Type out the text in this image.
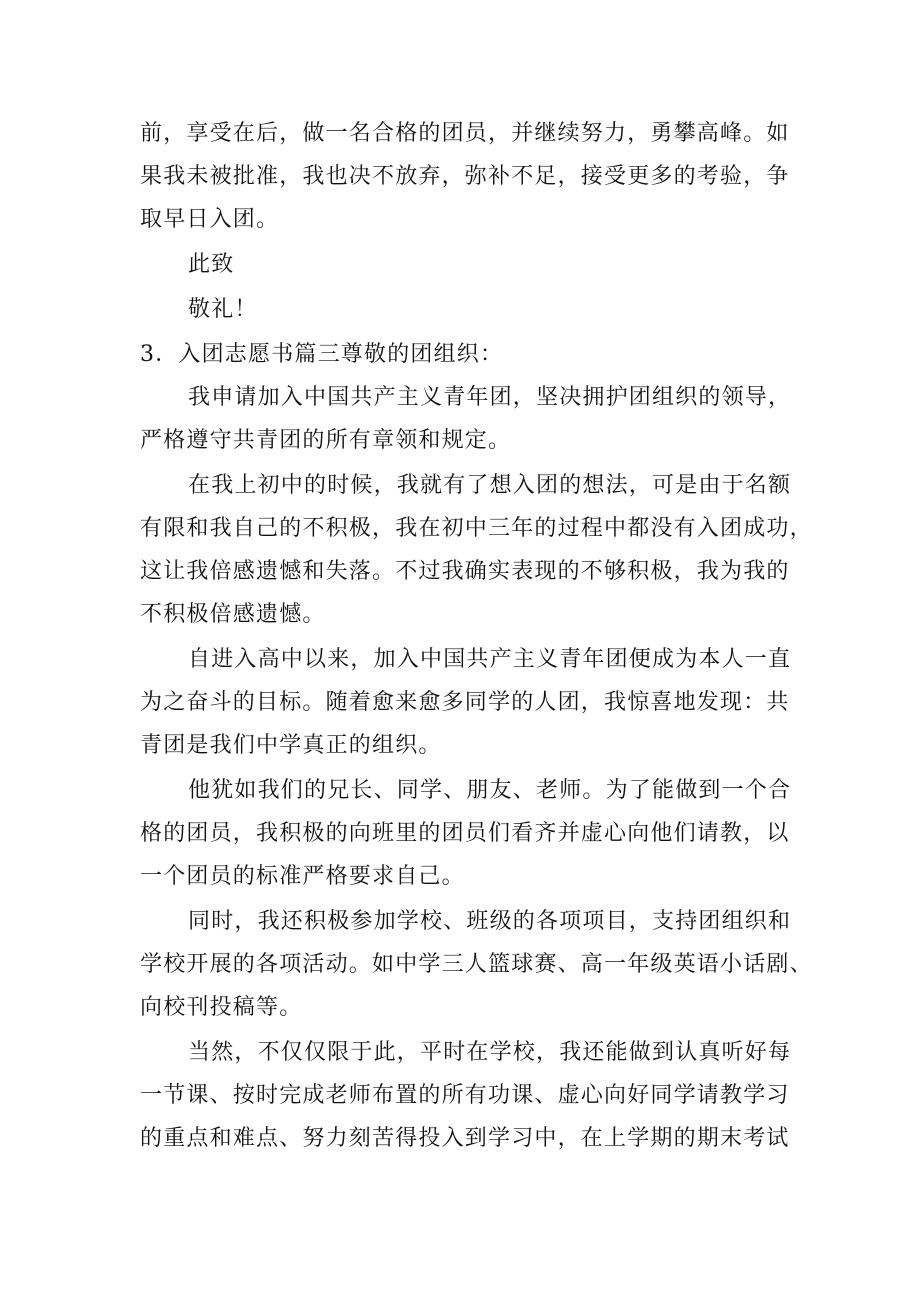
前，享受在后，做一名合格的团员，并继续努力，勇攀高峰。如
果我未被批准，我也决不放弃，弥补不足，接受更多的考验，争
取早日入团。
此致
敬礼！
3．入团志愿书篇三尊敬的团组织：
我申请加入中国共产主义青年团，坚决拥护团组织的领导，
严格遵守共青团的所有章领和规定。
在我上初中的时候，我就有了想入团的想法，可是由于名额
有限和我自己的不积极，我在初中三年的过程中都没有入团成功，
这让我倍感遗憾和失落。不过我确实表现的不够积极，我为我的
不积极倍感遗憾。
自进入高中以来，加入中国共产主义青年团便成为本人一直
为之奋斗的目标。随着愈来愈多同学的人团，我惊喜地发现：共
青团是我们中学真正的组织。
他犹如我们的兄长、同学、朋友、老师。为了能做到一个合
格的团员，我积极的向班里的团员们看齐并虚心向他们请教，以
一个团员的标准严格要求自己。
同时，我还积极参加学校、班级的各项项目，支持团组织和
学校开展的各项活动。如中学三人篮球赛、高一年级英语小话剧、
向校刊投稿等。
当然，不仅仅限于此，平时在学校，我还能做到认真听好每
一节课、按时完成老师布置的所有功课、虚心向好同学请教学习
的重点和难点、努力刻苦得投入到学习中，在上学期的期末考试
